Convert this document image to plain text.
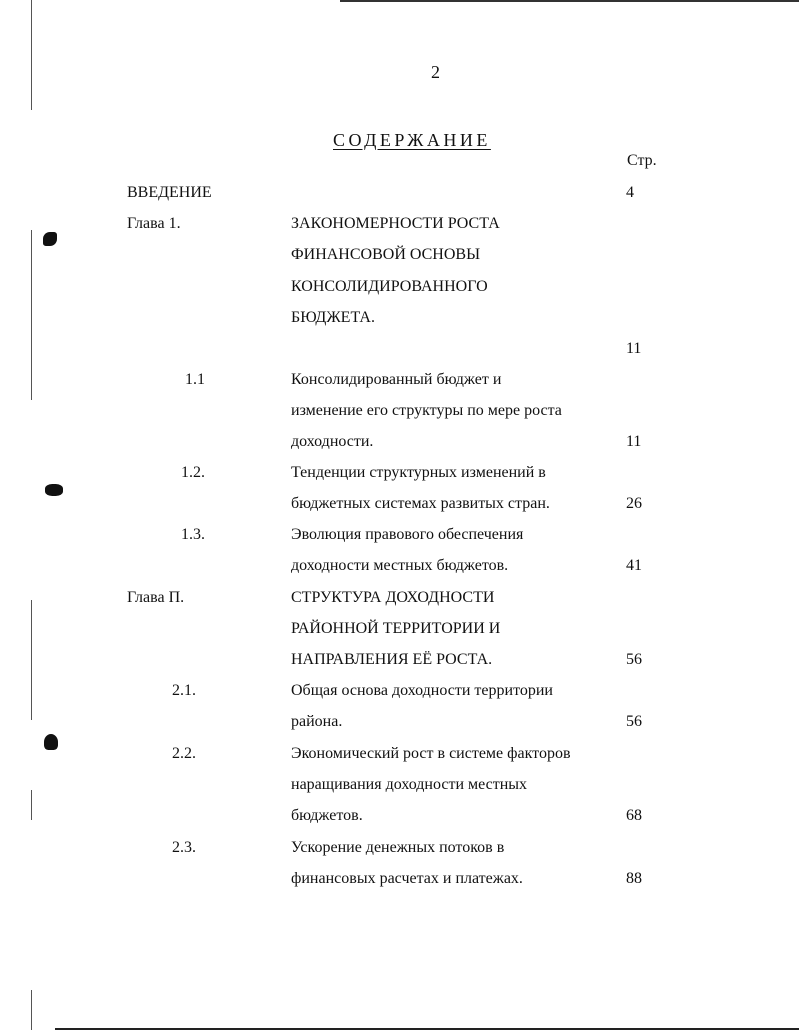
2
СОДЕРЖАНИЕ
Стр.
ВВЕДЕНИЕ	4
Глава 1.	ЗАКОНОМЕРНОСТИ РОСТА
ФИНАНСОВОЙ ОСНОВЫ
КОНСОЛИДИРОВАННОГО
БЮДЖЕТА.
11
1.1	Консолидированный бюджет и
изменение его структуры по мере роста
доходности.	11
1.2.	Тенденции структурных изменений в
бюджетных системах развитых стран.	26
1.3.	Эволюция правового обеспечения
доходности местных бюджетов.	41
Глава П.	СТРУКТУРА ДОХОДНОСТИ
РАЙОННОЙ ТЕРРИТОРИИ И
НАПРАВЛЕНИЯ ЕЁ РОСТА.	56
2.1.	Общая основа доходности территории
района.	56
2.2.	Экономический рост в системе факторов
наращивания доходности местных
бюджетов.	68
2.3.	Ускорение денежных потоков в
финансовых расчетах и платежах.	88
